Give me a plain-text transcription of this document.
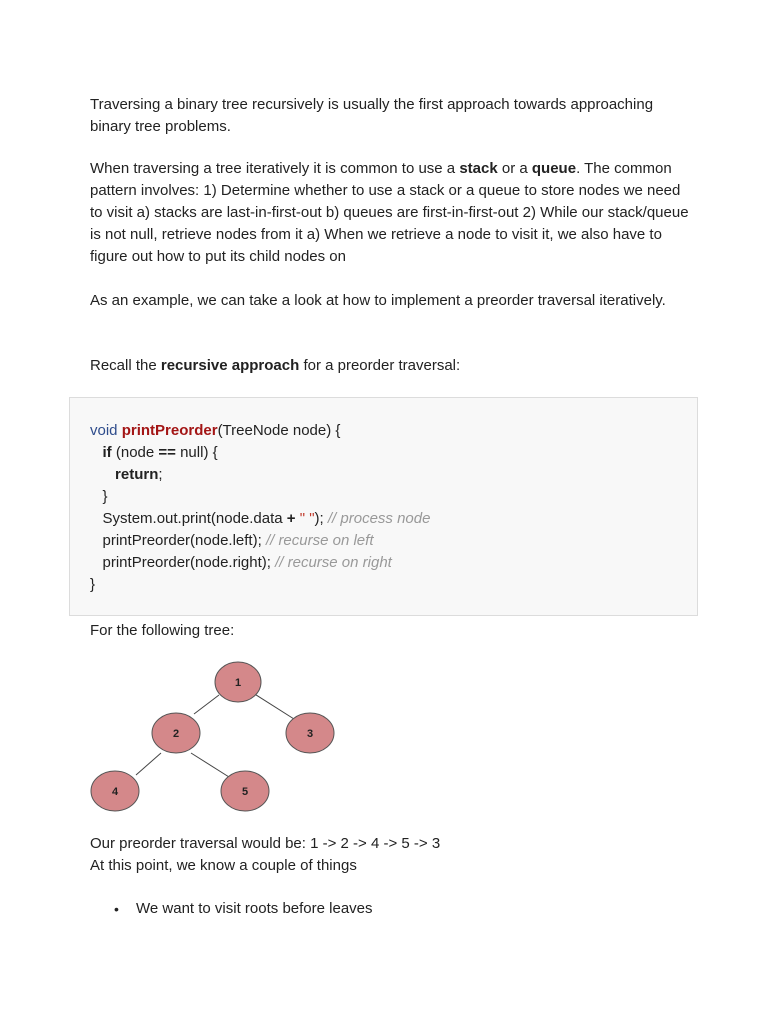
Traversing a binary tree recursively is usually the first approach towards approaching binary tree problems.

When traversing a tree iteratively it is common to use a stack or a queue. The common pattern involves: 1) Determine whether to use a stack or a queue to store nodes we need to visit a) stacks are last-in-first-out b) queues are first-in-first-out 2) While our stack/queue is not null, retrieve nodes from it a) When we retrieve a node to visit it, we also have to figure out how to put its child nodes on

As an example, we can take a look at how to implement a preorder traversal iteratively.

Recall the recursive approach for a preorder traversal:

void printPreorder(TreeNode node) {
if (node == null) {
return;
}
System.out.print(node.data + " "); // process node
printPreorder(node.left); // recurse on left
printPreorder(node.right); // recurse on right
}

For the following tree:

1
2	3
4	5

Our preorder traversal would be: 1 -> 2 -> 4 -> 5 -> 3

At this point, we know a couple of things

• We want to visit roots before leaves
